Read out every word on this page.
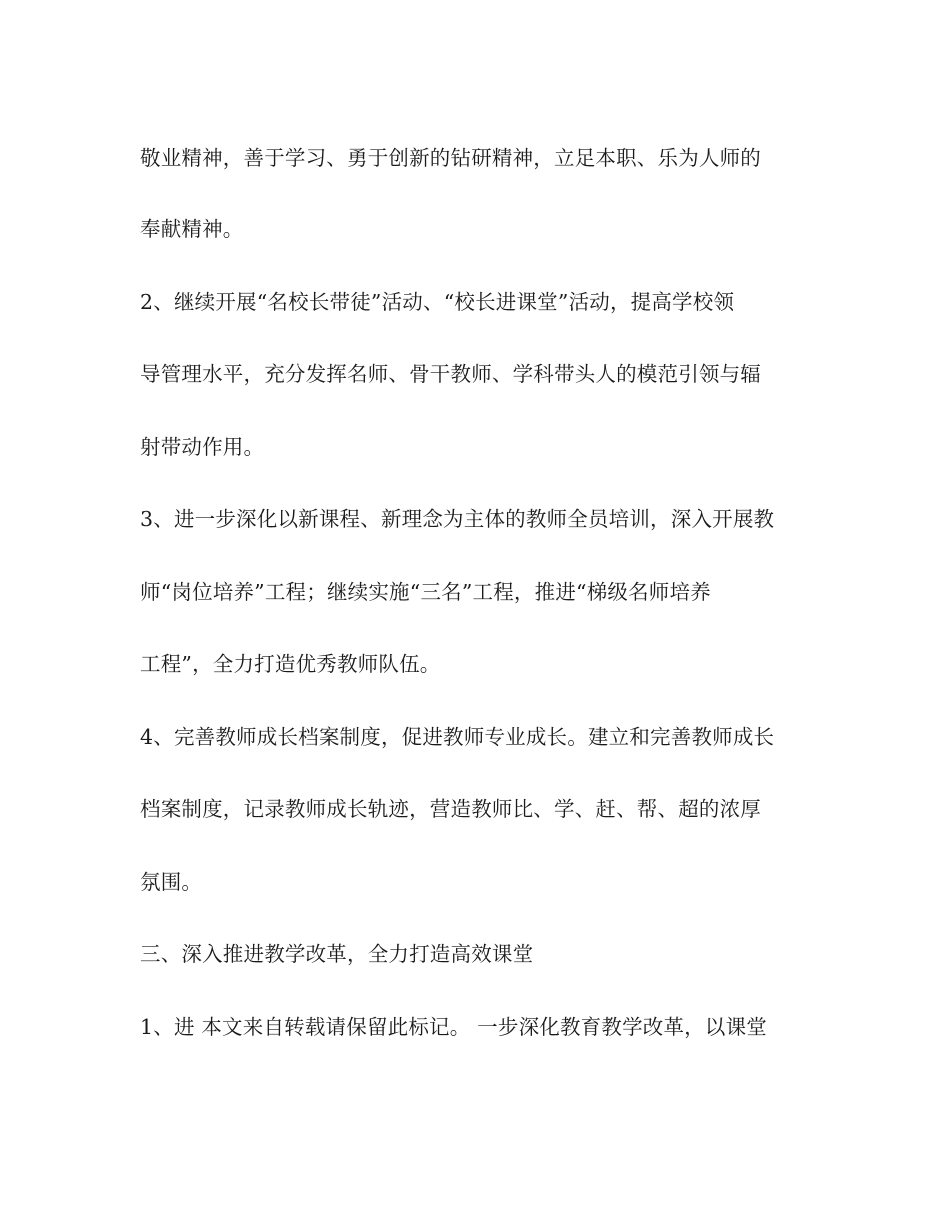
敬业精神，善于学习、勇于创新的钻研精神，立足本职、乐为人师的
奉献精神。
2、继续开展“名校长带徒”活动、“校长进课堂”活动，提高学校领
导管理水平，充分发挥名师、骨干教师、学科带头人的模范引领与辐
射带动作用。
3、进一步深化以新课程、新理念为主体的教师全员培训，深入开展教
师“岗位培养”工程；继续实施“三名”工程，推进“梯级名师培养
工程”，全力打造优秀教师队伍。
4、完善教师成长档案制度，促进教师专业成长。建立和完善教师成长
档案制度，记录教师成长轨迹，营造教师比、学、赶、帮、超的浓厚
氛围。
三、深入推进教学改革，全力打造高效课堂
1、进 本文来自转载请保留此标记。 一步深化教育教学改革，以课堂
